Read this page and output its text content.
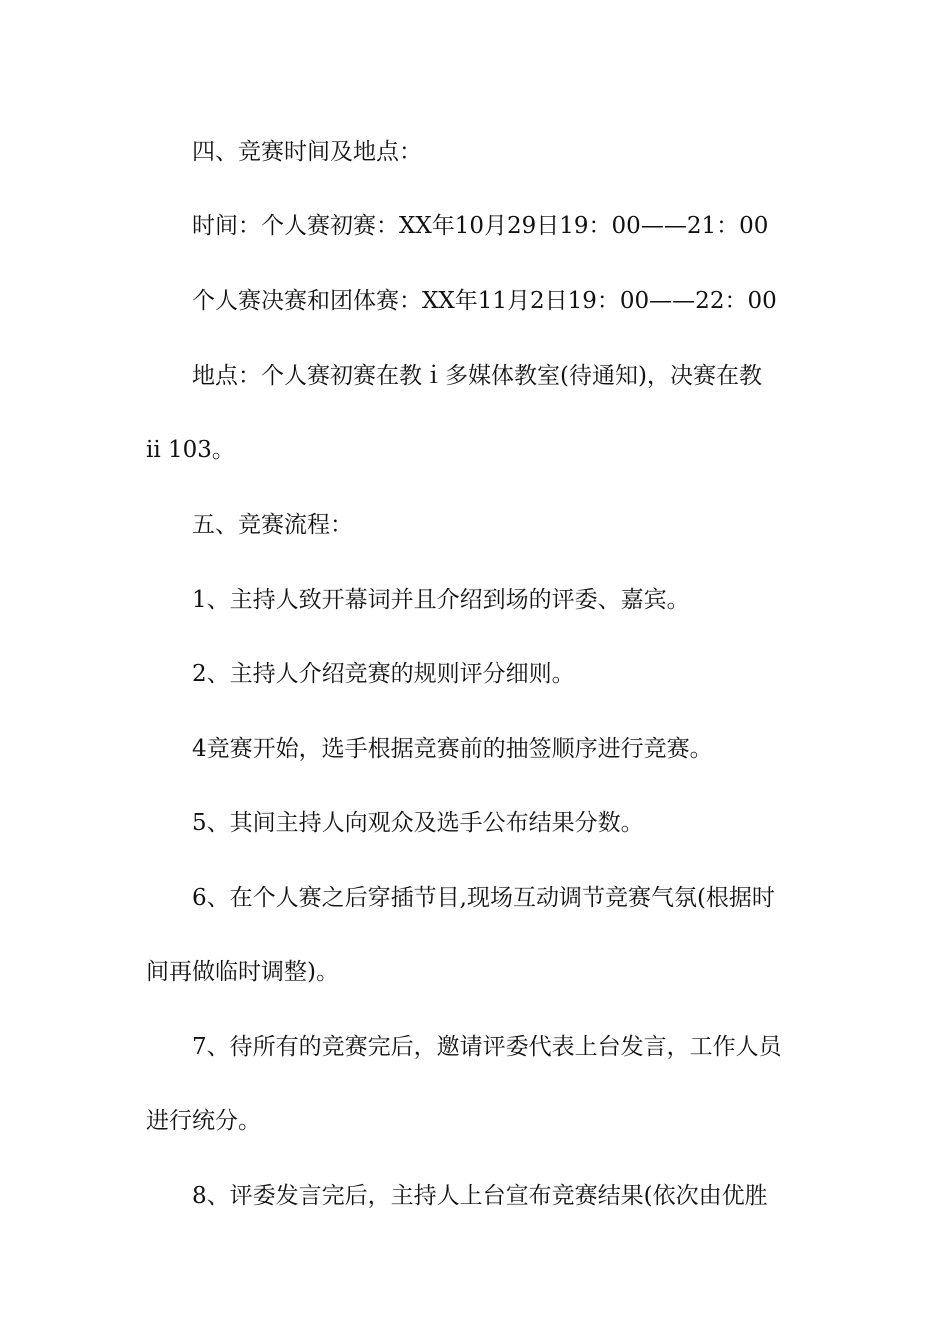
四、竞赛时间及地点：
时间：个人赛初赛：XX年10月29日19：00——21：00
个人赛决赛和团体赛：XX年11月2日19：00——22：00
地点：个人赛初赛在教ｉ多媒体教室(待通知)，决赛在教
ii 103。
五、竞赛流程：
1、主持人致开幕词并且介绍到场的评委、嘉宾。
2、主持人介绍竞赛的规则评分细则。
4竞赛开始，选手根据竞赛前的抽签顺序进行竞赛。
5、其间主持人向观众及选手公布结果分数。
6、在个人赛之后穿插节目,现场互动调节竞赛气氛(根据时
间再做临时调整)。
7、待所有的竞赛完后，邀请评委代表上台发言，工作人员
进行统分。
8、评委发言完后，主持人上台宣布竞赛结果(依次由优胜
